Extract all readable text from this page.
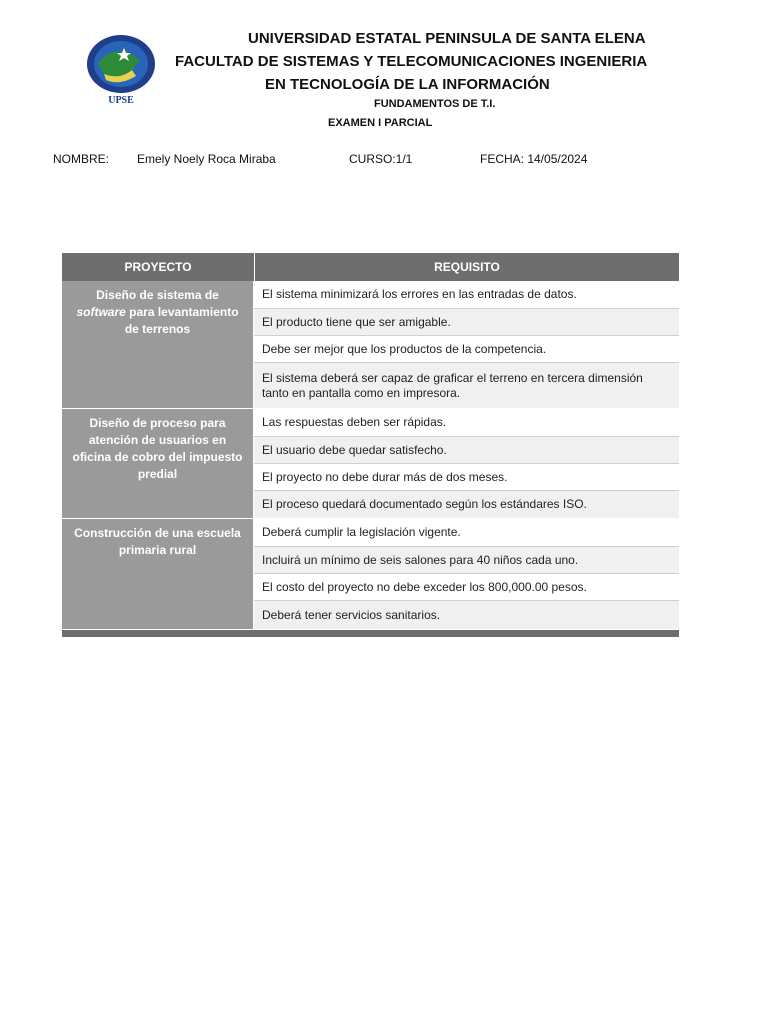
UPSE
UNIVERSIDAD ESTATAL PENINSULA DE SANTA ELENA
FACULTAD DE SISTEMAS Y TELECOMUNICACIONES INGENIERIA
EN TECNOLOGÍA DE LA INFORMACIÓN
FUNDAMENTOS DE T.I.
EXAMEN I PARCIAL
NOMBRE: Emely Noely Roca Miraba	CURSO:1/1	FECHA: 14/05/2024
PROYECTO	REQUISITO
Diseño de sistema de software para levantamiento de terrenos
El sistema minimizará los errores en las entradas de datos.
El producto tiene que ser amigable.
Debe ser mejor que los productos de la competencia.
El sistema deberá ser capaz de graficar el terreno en tercera dimensión tanto en pantalla como en impresora.
Diseño de proceso para atención de usuarios en oficina de cobro del impuesto predial
Las respuestas deben ser rápidas.
El usuario debe quedar satisfecho.
El proyecto no debe durar más de dos meses.
El proceso quedará documentado según los estándares ISO.
Construcción de una escuela primaria rural
Deberá cumplir la legislación vigente.
Incluirá un mínimo de seis salones para 40 niños cada uno.
El costo del proyecto no debe exceder los 800,000.00 pesos.
Deberá tener servicios sanitarios.
